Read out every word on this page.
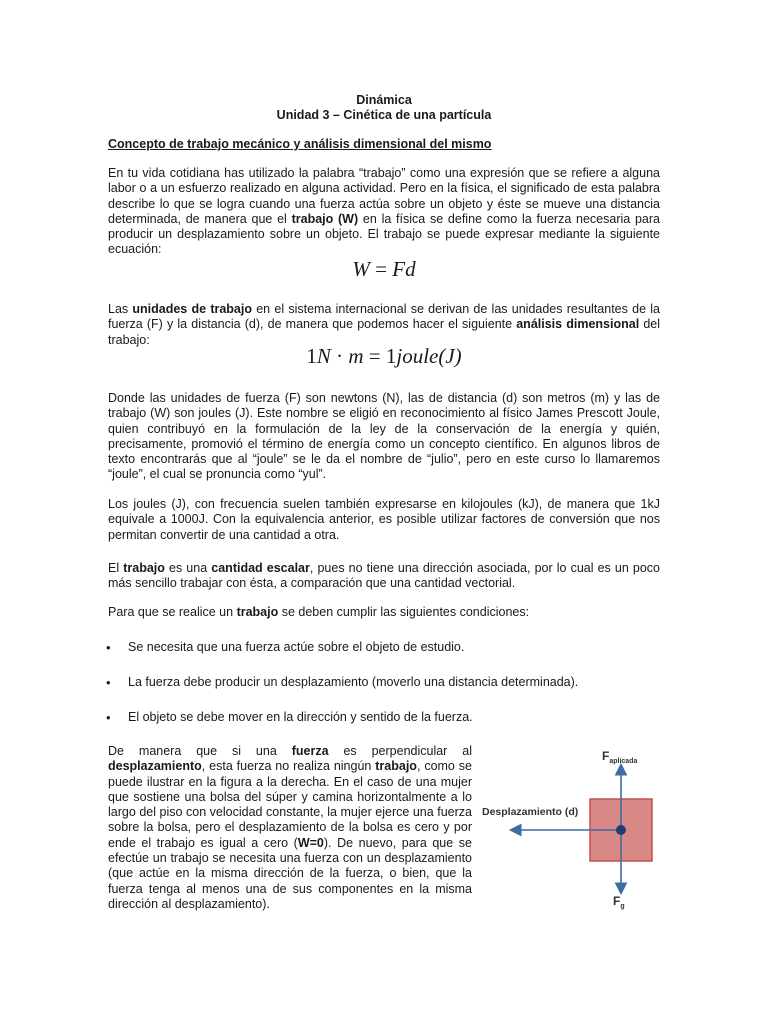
Dinámica
Unidad 3 – Cinética de una partícula
Concepto de trabajo mecánico y análisis dimensional del mismo
En tu vida cotidiana has utilizado la palabra “trabajo” como una expresión que se refiere a alguna labor o a un esfuerzo realizado en alguna actividad. Pero en la física, el significado de esta palabra describe lo que se logra cuando una fuerza actúa sobre un objeto y éste se mueve una distancia determinada, de manera que el trabajo (W) en la física se define como la fuerza necesaria para producir un desplazamiento sobre un objeto. El trabajo se puede expresar mediante la siguiente ecuación:
W = Fd
Las unidades de trabajo en el sistema internacional se derivan de las unidades resultantes de la fuerza (F) y la distancia (d), de manera que podemos hacer el siguiente análisis dimensional del trabajo:
1N · m = 1joule(J)
Donde las unidades de fuerza (F) son newtons (N), las de distancia (d) son metros (m) y las de trabajo (W) son joules (J). Este nombre se eligió en reconocimiento al físico James Prescott Joule, quien contribuyó en la formulación de la ley de la conservación de la energía y quién, precisamente, promovió el término de energía como un concepto científico. En algunos libros de texto encontrarás que al “joule” se le da el nombre de “julio”, pero en este curso lo llamaremos “joule”, el cual se pronuncia como “yul”.
Los joules (J), con frecuencia suelen también expresarse en kilojoules (kJ), de manera que 1kJ equivale a 1000J. Con la equivalencia anterior, es posible utilizar factores de conversión que nos permitan convertir de una cantidad a otra.
El trabajo es una cantidad escalar, pues no tiene una dirección asociada, por lo cual es un poco más sencillo trabajar con ésta, a comparación que una cantidad vectorial.
Para que se realice un trabajo se deben cumplir las siguientes condiciones:
• Se necesita que una fuerza actúe sobre el objeto de estudio.
• La fuerza debe producir un desplazamiento (moverlo una distancia determinada).
• El objeto se debe mover en la dirección y sentido de la fuerza.
De manera que si una fuerza es perpendicular al desplazamiento, esta fuerza no realiza ningún trabajo, como se puede ilustrar en la figura a la derecha. En el caso de una mujer que sostiene una bolsa del súper y camina horizontalmente a lo largo del piso con velocidad constante, la mujer ejerce una fuerza sobre la bolsa, pero el desplazamiento de la bolsa es cero y por ende el trabajo es igual a cero (W=0). De nuevo, para que se efectúe un trabajo se necesita una fuerza con un desplazamiento (que actúe en la misma dirección de la fuerza, o bien, que la fuerza tenga al menos una de sus componentes en la misma dirección al desplazamiento).
$F_{aplicada}$
Desplazamiento (d)
$F_g$
